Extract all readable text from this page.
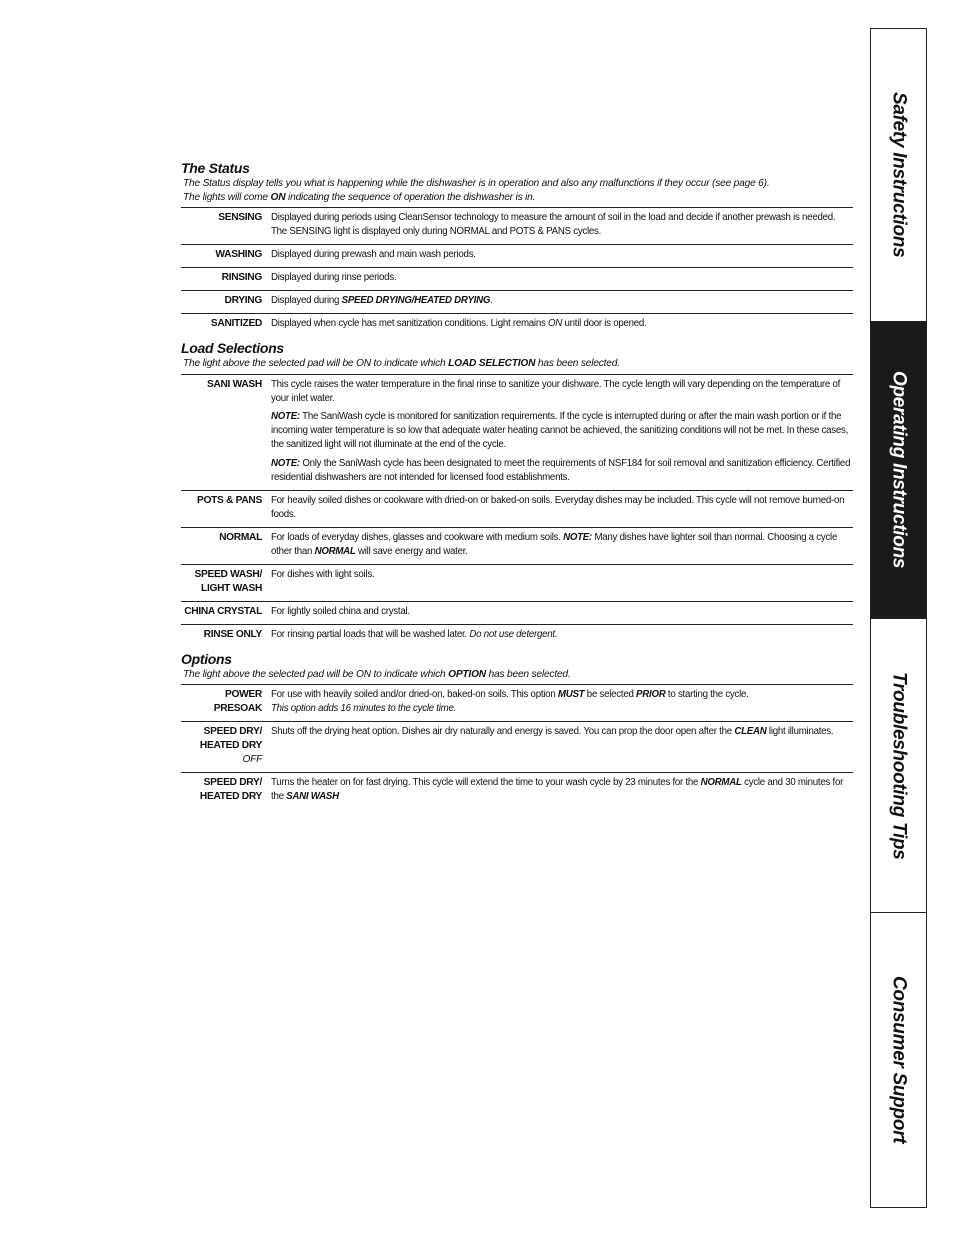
The Status
The Status display tells you what is happening while the dishwasher is in operation and also any malfunctions if they occur (see page 6).
The lights will come ON indicating the sequence of operation the dishwasher is in.
SENSING Displayed during periods using CleanSensor technology to measure the amount of soil in the load and decide if another prewash is needed. The SENSING light is displayed only during NORMAL and POTS & PANS cycles.
WASHING Displayed during prewash and main wash periods.
RINSING Displayed during rinse periods.
DRYING Displayed during SPEED DRYING/HEATED DRYING.
SANITIZED Displayed when cycle has met sanitization conditions. Light remains ON until door is opened.
Load Selections
The light above the selected pad will be ON to indicate which LOAD SELECTION has been selected.
SANI WASH This cycle raises the water temperature in the final rinse to sanitize your dishware. The cycle length will vary depending on the temperature of your inlet water.

NOTE: The SaniWash cycle is monitored for sanitization requirements. If the cycle is interrupted during or after the main wash portion or if the incoming water temperature is so low that adequate water heating cannot be achieved, the sanitizing conditions will not be met. In these cases, the sanitized light will not illuminate at the end of the cycle.

NOTE: Only the SaniWash cycle has been designated to meet the requirements of NSF184 for soil removal and sanitization efficiency. Certified residential dishwashers are not intended for licensed food establishments.

POTS & PANS For heavily soiled dishes or cookware with dried-on or baked-on soils. Everyday dishes may be included. This cycle will not remove burned-on foods.
NORMAL For loads of everyday dishes, glasses and cookware with medium soils. NOTE: Many dishes have lighter soil than normal. Choosing a cycle other than NORMAL will save energy and water.
SPEED WASH/
LIGHT WASH
For dishes with light soils.
CHINA CRYSTAL For lightly soiled china and crystal.
RINSE ONLY For rinsing partial loads that will be washed later. Do not use detergent.
Options
The light above the selected pad will be ON to indicate which OPTION has been selected.
POWER
PRESOAK
For use with heavily soiled and/or dried-on, baked-on soils. This option MUST be selected PRIOR to starting the cycle.
This option adds 16 minutes to the cycle time.
SPEED DRY/
HEATED DRY
OFF
Shuts off the drying heat option. Dishes air dry naturally and energy is saved. You can prop the door open after the CLEAN light illuminates.
SPEED DRY/
HEATED DRY
Turns the heater on for fast drying. This cycle will extend the time to your wash cycle by 23 minutes for the NORMAL cycle and 30 minutes for the SANI WASH
Safety Instructions
Operating Instructions
Troubleshooting Tips
Consumer Support
